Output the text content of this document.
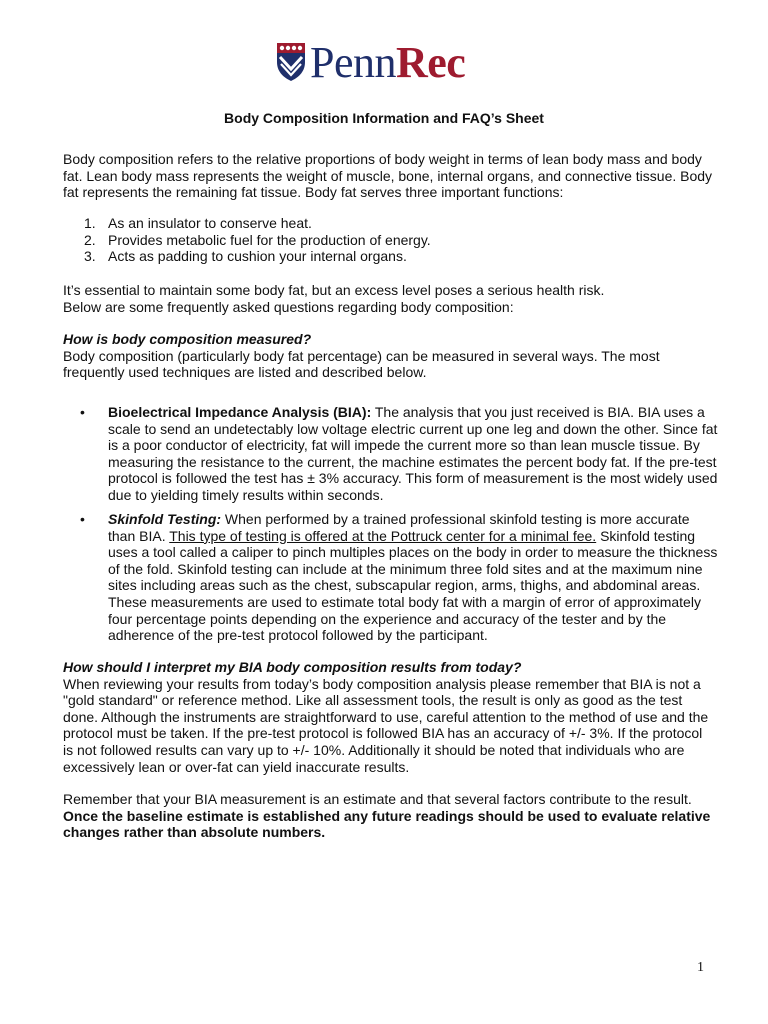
PennRec
Body Composition Information and FAQ’s Sheet
Body composition refers to the relative proportions of body weight in terms of lean body mass and body fat. Lean body mass represents the weight of muscle, bone, internal organs, and connective tissue. Body fat represents the remaining fat tissue. Body fat serves three important functions:
1. As an insulator to conserve heat.
2. Provides metabolic fuel for the production of energy.
3. Acts as padding to cushion your internal organs.

It’s essential to maintain some body fat, but an excess level poses a serious health risk.

Below are some frequently asked questions regarding body composition:

How is body composition measured?

Body composition (particularly body fat percentage) can be measured in several ways. The most frequently used techniques are listed and described below.

• Bioelectrical Impedance Analysis (BIA): The analysis that you just received is BIA. BIA uses a scale to send an undetectably low voltage electric current up one leg and down the other. Since fat is a poor conductor of electricity, fat will impede the current more so than lean muscle tissue. By measuring the resistance to the current, the machine estimates the percent body fat. If the pre-test protocol is followed the test has ± 3% accuracy. This form of measurement is the most widely used due to yielding timely results within seconds.
• Skinfold Testing: When performed by a trained professional skinfold testing is more accurate than BIA. This type of testing is offered at the Pottruck center for a minimal fee. Skinfold testing uses a tool called a caliper to pinch multiples places on the body in order to measure the thickness of the fold. Skinfold testing can include at the minimum three fold sites and at the maximum nine sites including areas such as the chest, subscapular region, arms, thighs, and abdominal areas. These measurements are used to estimate total body fat with a margin of error of approximately four percentage points depending on the experience and accuracy of the tester and by the adherence of the pre-test protocol followed by the participant.

How should I interpret my BIA body composition results from today?

When reviewing your results from today’s body composition analysis please remember that BIA is not a "gold standard" or reference method. Like all assessment tools, the result is only as good as the test done. Although the instruments are straightforward to use, careful attention to the method of use and the protocol must be taken. If the pre-test protocol is followed BIA has an accuracy of +/- 3%. If the protocol is not followed results can vary up to +/- 10%. Additionally it should be noted that individuals who are excessively lean or over-fat can yield inaccurate results.

Remember that your BIA measurement is an estimate and that several factors contribute to the result.

Once the baseline estimate is established any future readings should be used to evaluate relative changes rather than absolute numbers.

1
